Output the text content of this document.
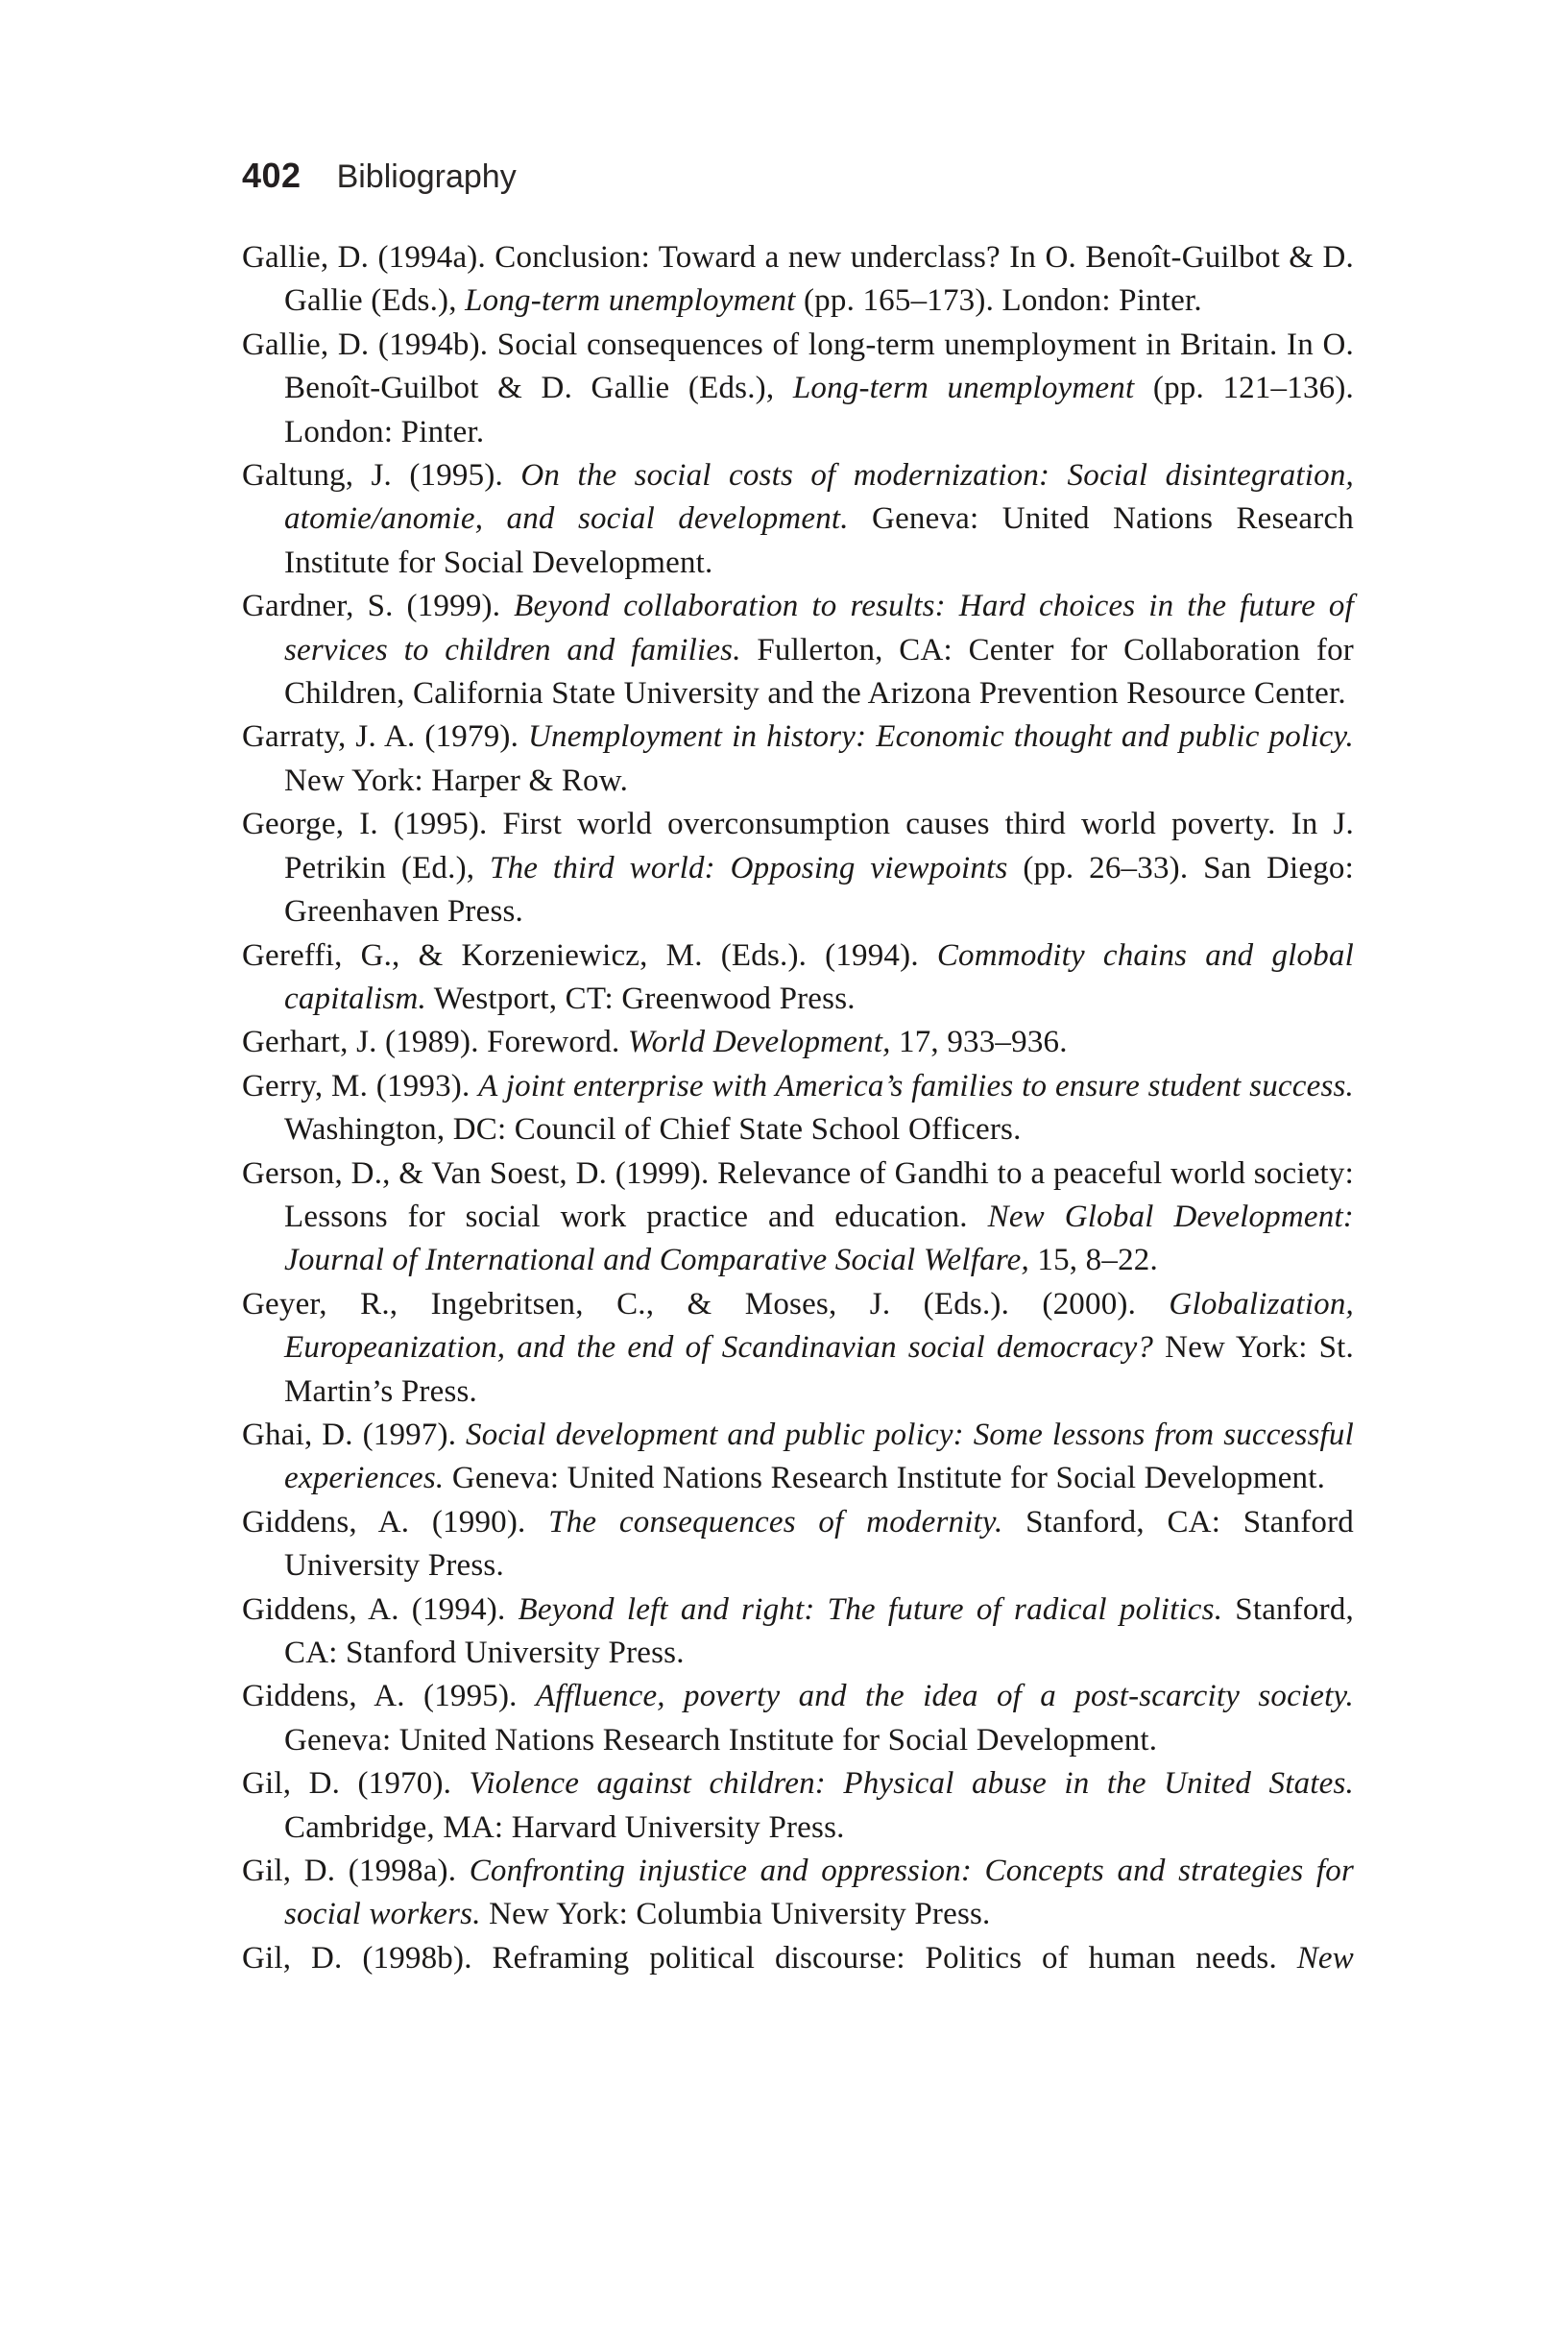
402 Bibliography

Gallie, D. (1994a). Conclusion: Toward a new underclass? In O. Benoît-Guilbot & D. Gallie (Eds.), Long-term unemployment (pp. 165–173). London: Pinter.

Gallie, D. (1994b). Social consequences of long-term unemployment in Britain. In O. Benoît-Guilbot & D. Gallie (Eds.), Long-term unemployment (pp. 121–136). London: Pinter.

Galtung, J. (1995). On the social costs of modernization: Social disintegration, atomie/anomie, and social development. Geneva: United Nations Research Institute for Social Development.

Gardner, S. (1999). Beyond collaboration to results: Hard choices in the future of services to children and families. Fullerton, CA: Center for Collaboration for Children, California State University and the Arizona Prevention Resource Center.

Garraty, J. A. (1979). Unemployment in history: Economic thought and public policy. New York: Harper & Row.

George, I. (1995). First world overconsumption causes third world poverty. In J. Petrikin (Ed.), The third world: Opposing viewpoints (pp. 26–33). San Diego: Greenhaven Press.

Gereffi, G., & Korzeniewicz, M. (Eds.). (1994). Commodity chains and global capitalism. Westport, CT: Greenwood Press.

Gerhart, J. (1989). Foreword. World Development, 17, 933–936.

Gerry, M. (1993). A joint enterprise with America’s families to ensure student success. Washington, DC: Council of Chief State School Officers.

Gerson, D., & Van Soest, D. (1999). Relevance of Gandhi to a peaceful world society: Lessons for social work practice and education. New Global Development: Journal of International and Comparative Social Welfare, 15, 8–22.

Geyer, R., Ingebritsen, C., & Moses, J. (Eds.). (2000). Globalization, Europeanization, and the end of Scandinavian social democracy? New York: St. Martin’s Press.

Ghai, D. (1997). Social development and public policy: Some lessons from successful experiences. Geneva: United Nations Research Institute for Social Development.

Giddens, A. (1990). The consequences of modernity. Stanford, CA: Stanford University Press.

Giddens, A. (1994). Beyond left and right: The future of radical politics. Stanford, CA: Stanford University Press.

Giddens, A. (1995). Affluence, poverty and the idea of a post-scarcity society. Geneva: United Nations Research Institute for Social Development.

Gil, D. (1970). Violence against children: Physical abuse in the United States. Cambridge, MA: Harvard University Press.

Gil, D. (1998a). Confronting injustice and oppression: Concepts and strategies for social workers. New York: Columbia University Press.

Gil, D. (1998b). Reframing political discourse: Politics of human needs. New
